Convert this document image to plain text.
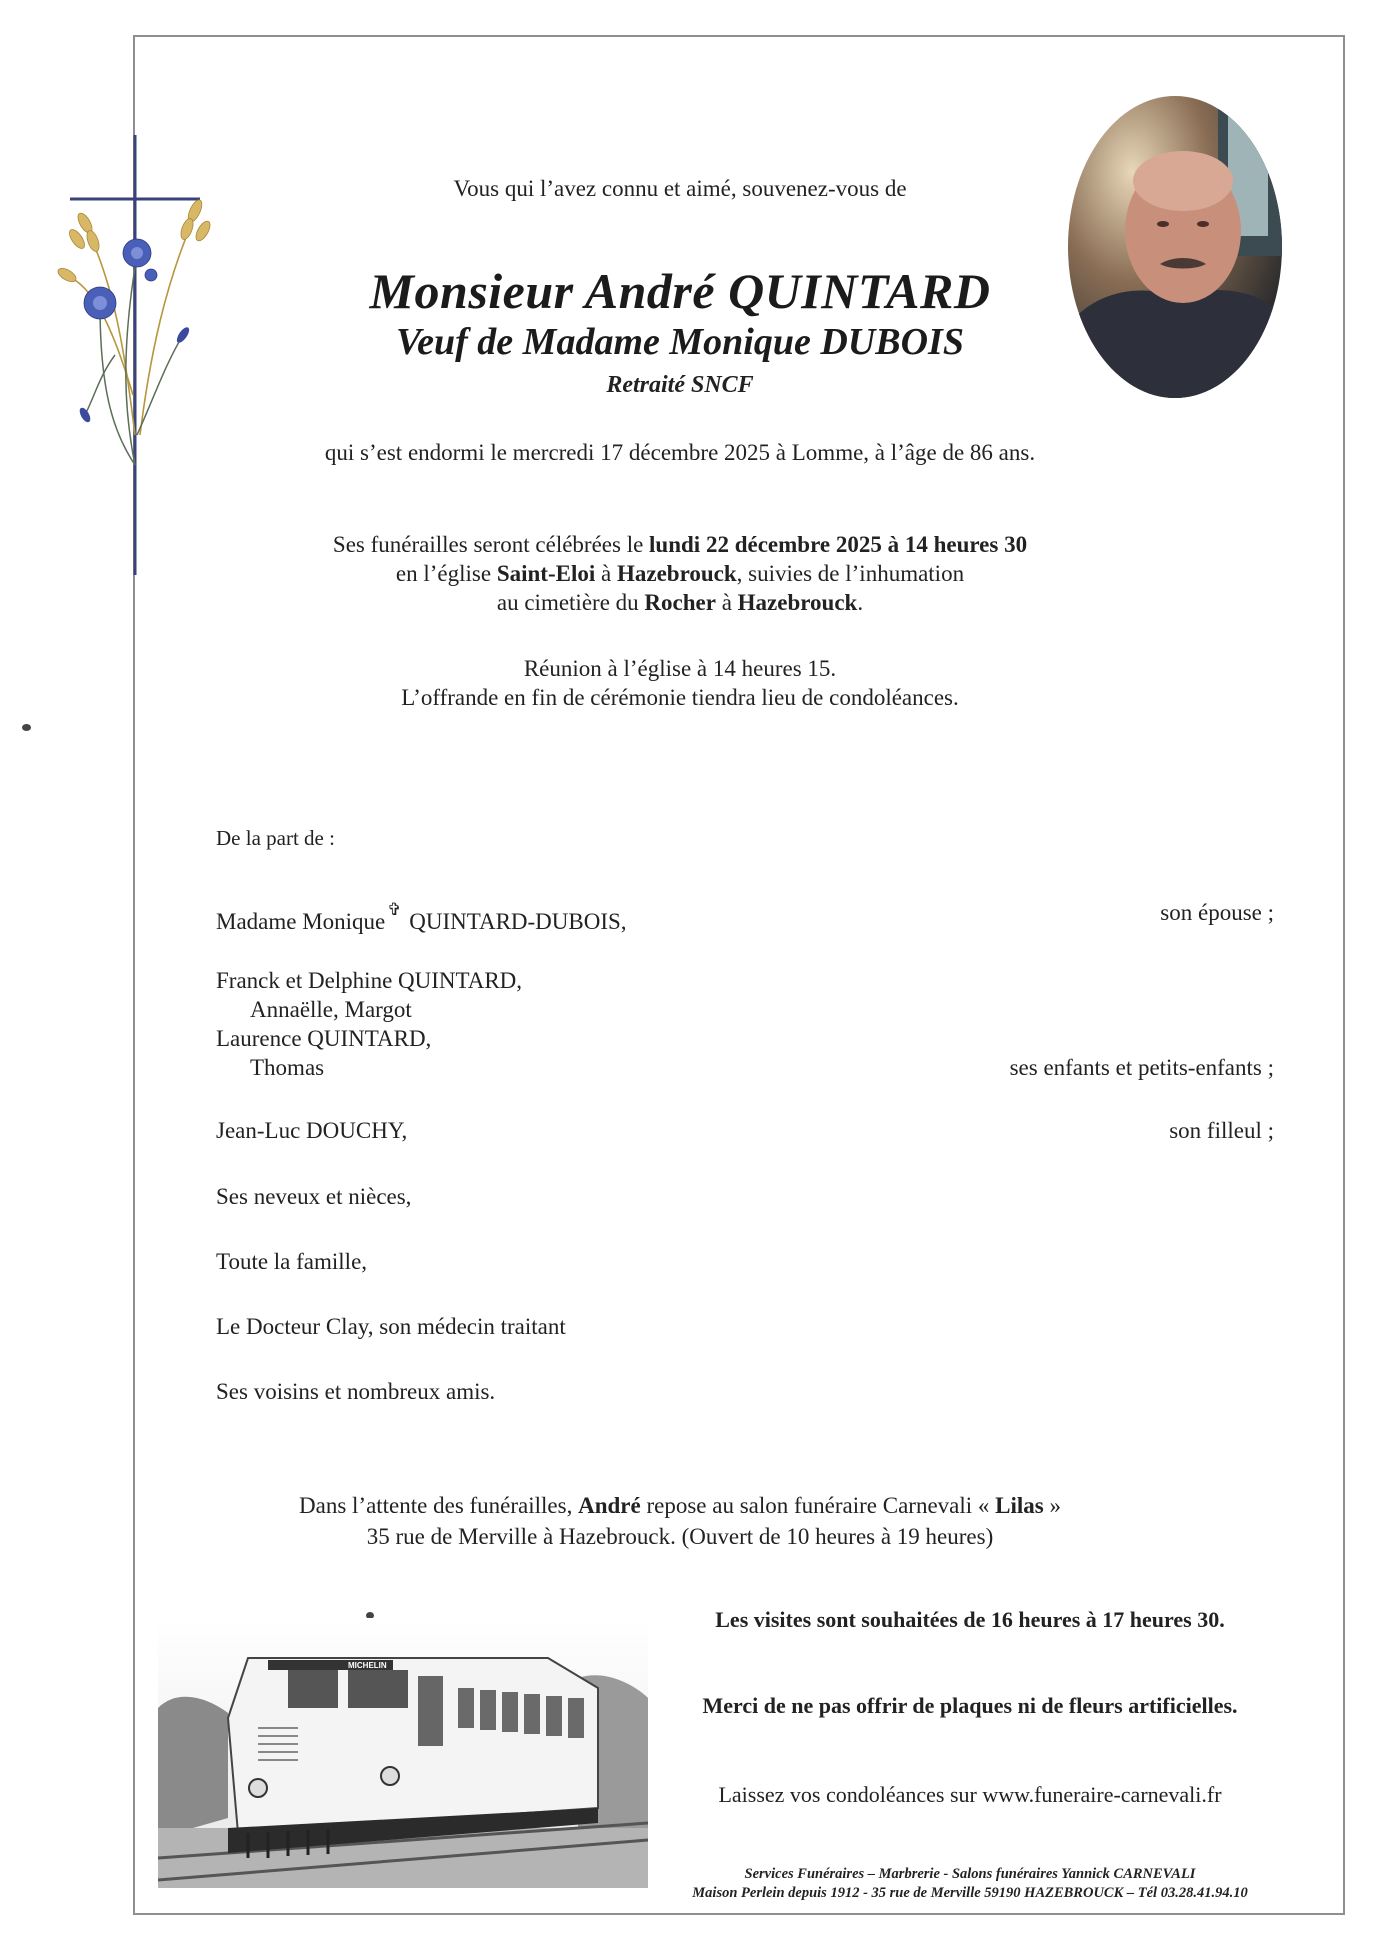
Vous qui l’avez connu et aimé, souvenez-vous de
Monsieur André QUINTARD
Veuf de Madame Monique DUBOIS
Retraité SNCF
qui s’est endormi le mercredi 17 décembre 2025 à Lomme, à l’âge de 86 ans.
Ses funérailles seront célébrées le lundi 22 décembre 2025 à 14 heures 30
en l’église Saint-Eloi à Hazebrouck, suivies de l’inhumation
au cimetière du Rocher à Hazebrouck.
Réunion à l’église à 14 heures 15.
L’offrande en fin de cérémonie tiendra lieu de condoléances.
De la part de :
Madame Monique ✞ QUINTARD-DUBOIS,	son épouse ;
Franck et Delphine QUINTARD,
Annaëlle, Margot
Laurence QUINTARD,
Thomas	ses enfants et petits-enfants ;
Jean-Luc DOUCHY,	son filleul ;
Ses neveux et nièces,
Toute la famille,
Le Docteur Clay, son médecin traitant
Ses voisins et nombreux amis.
Dans l’attente des funérailles, André repose au salon funéraire Carnevali « Lilas »
35 rue de Merville à Hazebrouck. (Ouvert de 10 heures à 19 heures)
MICHELIN
Les visites sont souhaitées de 16 heures à 17 heures 30.
Merci de ne pas offrir de plaques ni de fleurs artificielles.
Laissez vos condoléances sur www.funeraire-carnevali.fr
Services Funéraires – Marbrerie - Salons funéraires Yannick CARNEVALI
Maison Perlein depuis 1912 - 35 rue de Merville 59190 HAZEBROUCK – Tél 03.28.41.94.10
